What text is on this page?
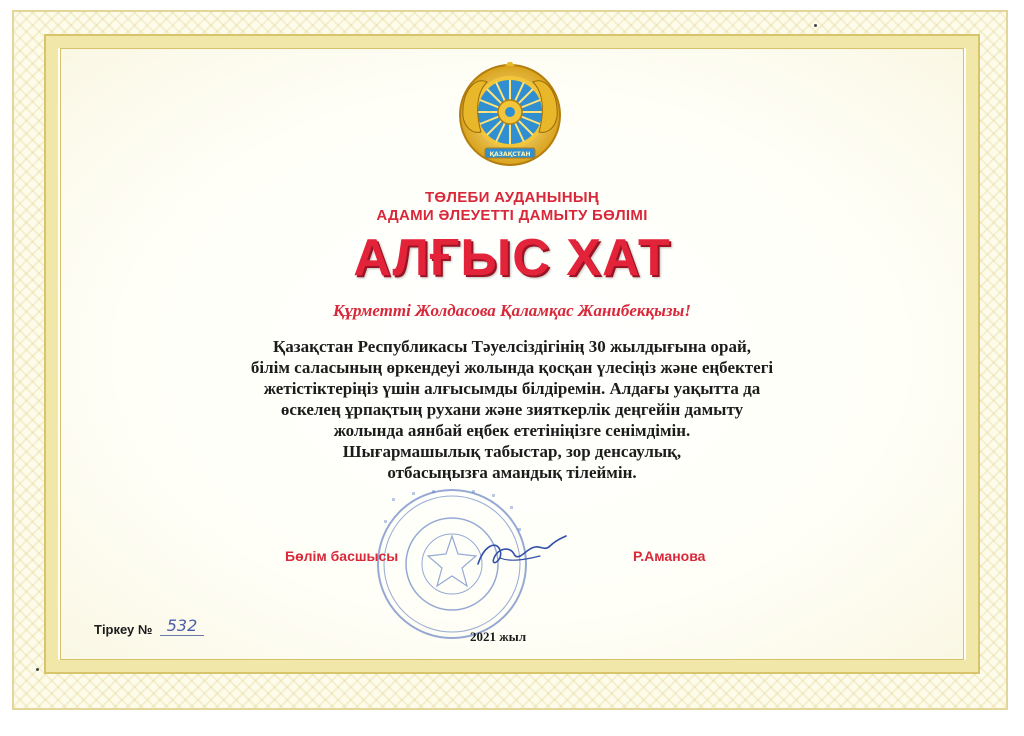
ҚАЗАҚСТАН
ТӨЛЕБИ АУДАНЫНЫҢ
АДАМИ ӘЛЕУЕТТІ ДАМЫТУ БӨЛІМІ
АЛҒЫС ХАТ
Құрметті Жолдасова Қаламқас Жанибекқызы!
Қазақстан Республикасы Тәуелсіздігінің 30 жылдығына орай,
білім саласының өркендеуі жолында қосқан үлесіңіз және еңбектегі
жетістіктеріңіз үшін алғысымды білдіремін. Алдағы уақытта да
өскелең ұрпақтың рухани және зияткерлік деңгейін дамыту
жолында аянбай еңбек ететініңізге сенімдімін.
Шығармашылық табыстар, зор денсаулық,
отбасыңызға амандық тілеймін.
Бөлім басшысы	Р.Аманова
Тіркеу № 532
2021 жыл
